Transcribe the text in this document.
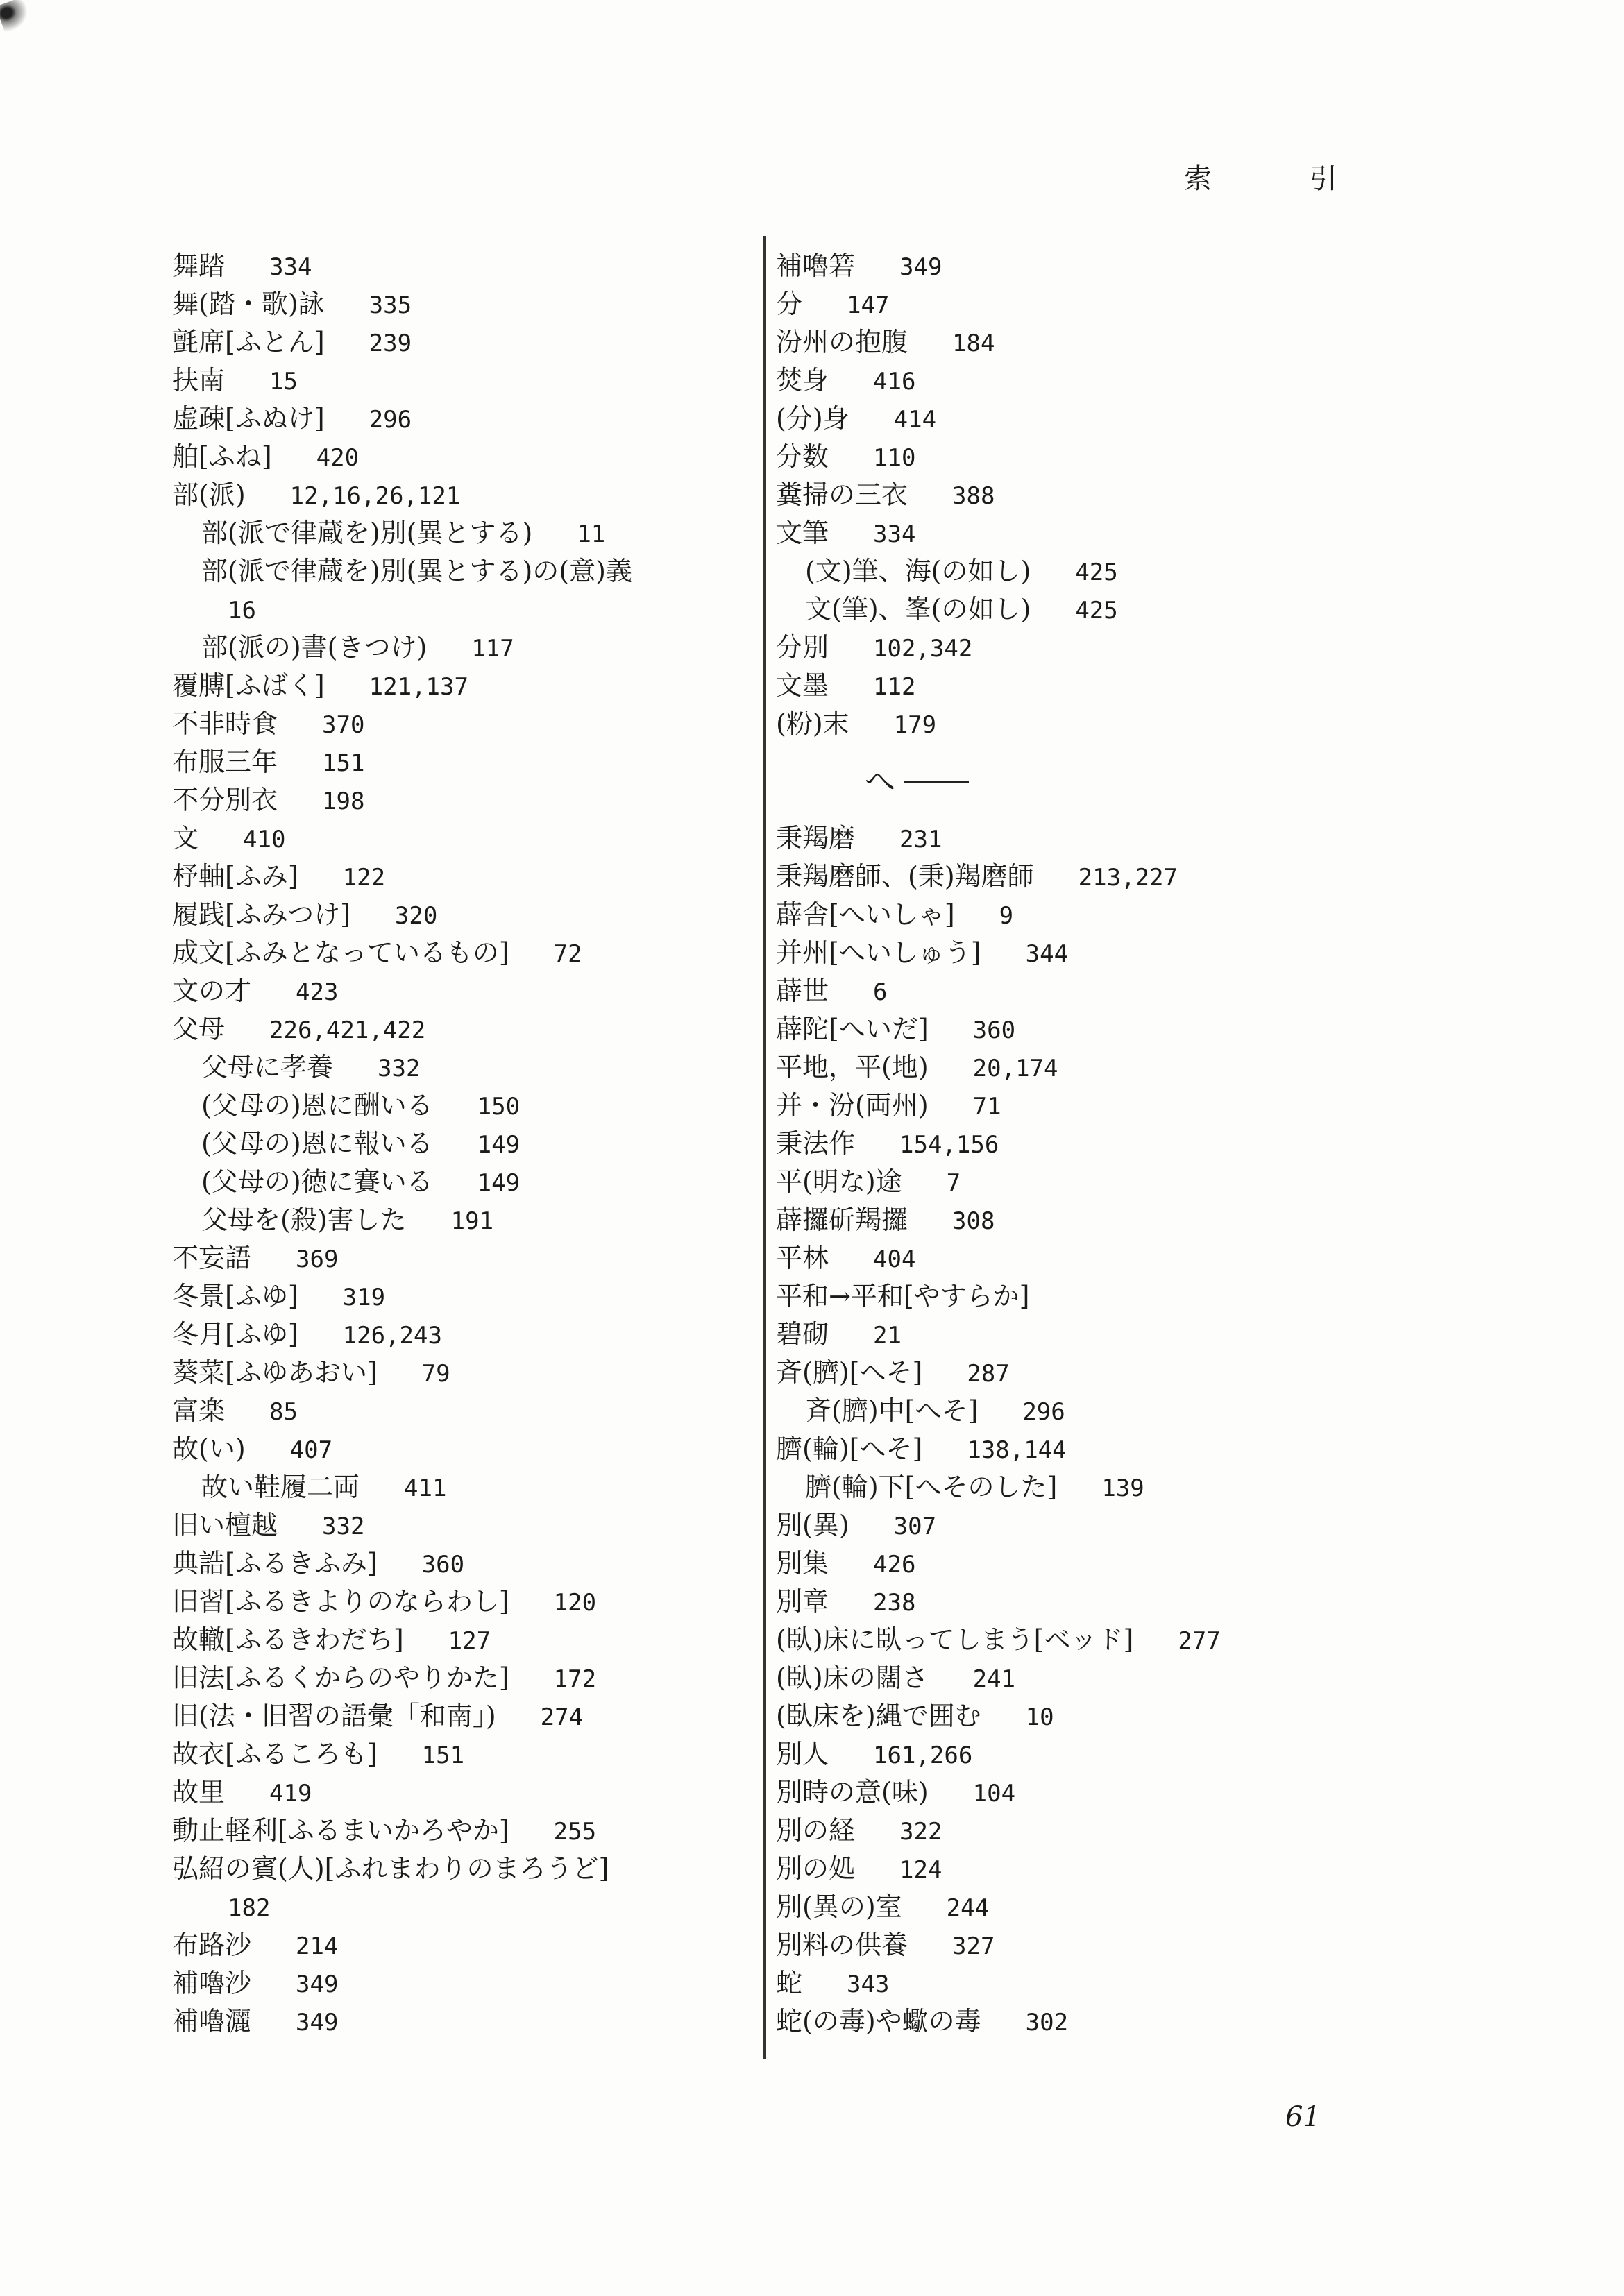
索 引
舞踏 334
舞(踏・歌)詠 335
氈席[ふとん] 239
扶南 15
虚疎[ふぬけ] 296
舶[ふね] 420
部(派) 12,16,26,121
部(派で律蔵を)別(異とする) 11
部(派で律蔵を)別(異とする)の(意)義
16
部(派の)書(きつけ) 117
覆膊[ふばく] 121,137
不非時食 370
布服三年 151
不分別衣 198
文 410
杼軸[ふみ] 122
履践[ふみつけ] 320
成文[ふみとなっているもの] 72
文の才 423
父母 226,421,422
父母に孝養 332
(父母の)恩に酬いる 150
(父母の)恩に報いる 149
(父母の)徳に賽いる 149
父母を(殺)害した 191
不妄語 369
冬景[ふゆ] 319
冬月[ふゆ] 126,243
葵菜[ふゆあおい] 79
富楽 85
故(い) 407
故い鞋履二両 411
旧い檀越 332
典誥[ふるきふみ] 360
旧習[ふるきよりのならわし] 120
故轍[ふるきわだち] 127
旧法[ふるくからのやりかた] 172
旧(法・旧習の語彙「和南」) 274
故衣[ふるころも] 151
故里 419
動止軽利[ふるまいかろやか] 255
弘紹の賓(人)[ふれまわりのまろうど]
182
布路沙 214
補嚕沙 349
補嚕灑 349
補嚕箬 349
分 147
汾州の抱腹 184
焚身 416
(分)身 414
分数 110
糞掃の三衣 388
文筆 334
(文)筆、海(の如し) 425
文(筆)、峯(の如し) 425
分別 102,342
文墨 112
(粉)末 179
へ
秉羯磨 231
秉羯磨師、(秉)羯磨師 213,227
薜舎[へいしゃ] 9
并州[へいしゅう] 344
薜世 6
薜陀[へいだ] 360
平地，平(地) 20,174
并・汾(両州) 71
秉法作 154,156
平(明な)途 7
薜攞斫羯攞 308
平林 404
平和→平和[やすらか]
碧砌 21
斉(臍)[へそ] 287
斉(臍)中[へそ] 296
臍(輪)[へそ] 138,144
臍(輪)下[へそのした] 139
別(異) 307
別集 426
別章 238
(臥)床に臥ってしまう[ベッド] 277
(臥)床の闊さ 241
(臥床を)縄で囲む 10
別人 161,266
別時の意(味) 104
別の経 322
別の処 124
別(異の)室 244
別料の供養 327
蛇 343
蛇(の毒)や蠍の毒 302
61
